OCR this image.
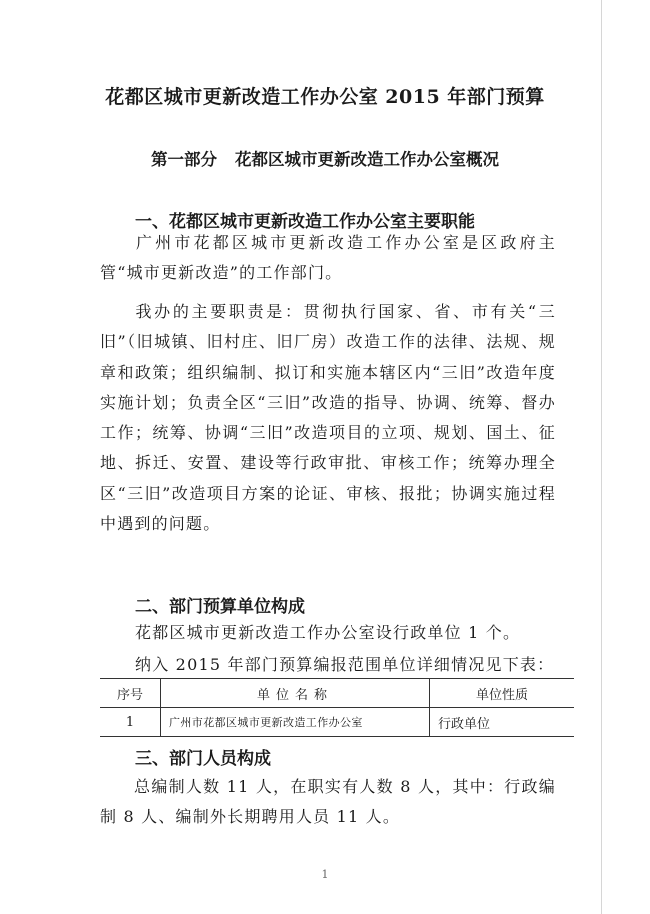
花都区城市更新改造工作办公室 2015 年部门预算
第一部分 花都区城市更新改造工作办公室概况
一、花都区城市更新改造工作办公室主要职能
广州市花都区城市更新改造工作办公室是区政府主管“城市更新改造”的工作部门。
我办的主要职责是：贯彻执行国家、省、市有关“三旧”（旧城镇、旧村庄、旧厂房）改造工作的法律、法规、规章和政策；组织编制、拟订和实施本辖区内“三旧”改造年度实施计划；负责全区“三旧”改造的指导、协调、统筹、督办工作；统筹、协调“三旧”改造项目的立项、规划、国土、征地、拆迁、安置、建设等行政审批、审核工作；统筹办理全区“三旧”改造项目方案的论证、审核、报批；协调实施过程中遇到的问题。
二、部门预算单位构成
花都区城市更新改造工作办公室设行政单位 1 个。
纳入 2015 年部门预算编报范围单位详细情况见下表：
序号	单位名称	单位性质
1	广州市花都区城市更新改造工作办公室	行政单位
三、部门人员构成
总编制人数 11 人，在职实有人数 8 人，其中：行政编制 8 人、编制外长期聘用人员 11 人。
1
